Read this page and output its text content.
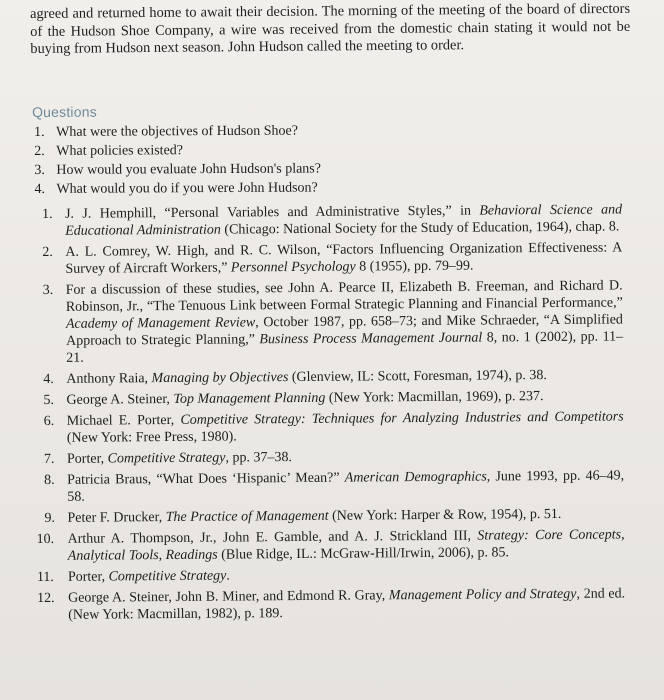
agreed and returned home to await their decision. The morning of the meeting of the board of directors of the Hudson Shoe Company, a wire was received from the domestic chain stating it would not be buying from Hudson next season. John Hudson called the meeting to order.

Questions
1. What were the objectives of Hudson Shoe?
2. What policies existed?
3. How would you evaluate John Hudson's plans?
4. What would you do if you were John Hudson?
1. J. J. Hemphill, “Personal Variables and Administrative Styles,” in Behavioral Science and Educational Administration (Chicago: National Society for the Study of Education, 1964), chap. 8.
2. A. L. Comrey, W. High, and R. C. Wilson, “Factors Influencing Organization Effectiveness: A Survey of Aircraft Workers,” Personnel Psychology 8 (1955), pp. 79–99.
3. For a discussion of these studies, see John A. Pearce II, Elizabeth B. Freeman, and Richard D. Robinson, Jr., “The Tenuous Link between Formal Strategic Planning and Financial Performance,” Academy of Management Review, October 1987, pp. 658–73; and Mike Schraeder, “A Simplified Approach to Strategic Planning,” Business Process Management Journal 8, no. 1 (2002), pp. 11–21.
4. Anthony Raia, Managing by Objectives (Glenview, IL: Scott, Foresman, 1974), p. 38.
5. George A. Steiner, Top Management Planning (New York: Macmillan, 1969), p. 237.
6. Michael E. Porter, Competitive Strategy: Techniques for Analyzing Industries and Competitors (New York: Free Press, 1980).
7. Porter, Competitive Strategy, pp. 37–38.
8. Patricia Braus, “What Does ‘Hispanic’ Mean?” American Demographics, June 1993, pp. 46–49, 58.
9. Peter F. Drucker, The Practice of Management (New York: Harper & Row, 1954), p. 51.
10. Arthur A. Thompson, Jr., John E. Gamble, and A. J. Strickland III, Strategy: Core Concepts, Analytical Tools, Readings (Blue Ridge, IL.: McGraw-Hill/Irwin, 2006), p. 85.
11. Porter, Competitive Strategy.
12. George A. Steiner, John B. Miner, and Edmond R. Gray, Management Policy and Strategy, 2nd ed. (New York: Macmillan, 1982), p. 189.
